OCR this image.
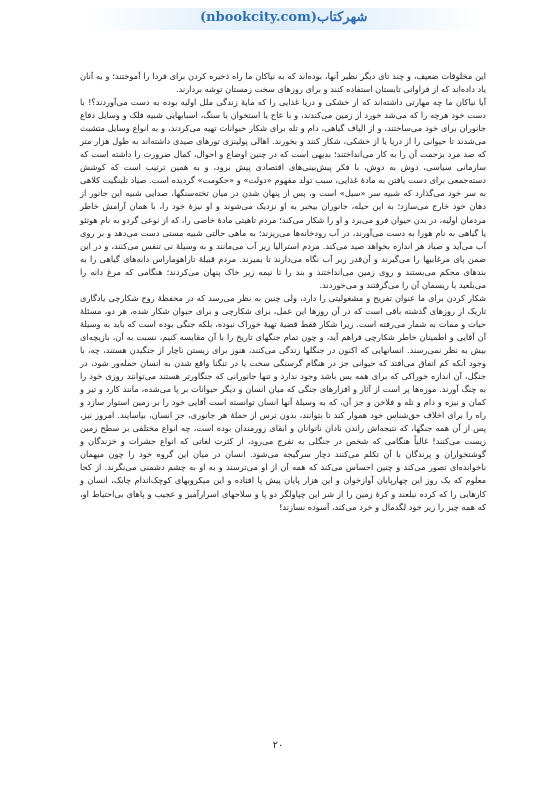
(nbookcity.com)شهرکتاب

این مخلوقات ضعیف، و چند تای دیگر نظیر آنها، بوده‌اند که به نیاکان ما راه ذخیره کردن برای فردا را آموختند؛ و به آنان یاد داده‌اند که از فراوانی تابستان استفاده کنند و برای روزهای سخت زمستان توشه بردارند.

آیا نیاکان ما چه مهارتی داشته‌اند که از خشکی و دریا غذایی را که مایهٔ زندگی ملل اولیه بوده به دست می‌آوردند؟! با دست خود هرچه را که می‌شد خورد از زمین می‌کندند، و با عاج یا استخوان یا سنگ، اسبابهایی شبیه فلک و وسایل دفاع جانوران برای خود می‌ساختند، و از الیاف گیاهی، دام و تله برای شکار حیوانات تهیه می‌کردند، و به انواع وسایل متشبث می‌شدند تا حیوانی را از دریا یا از خشکی، شکار کنند و بخورند. اهالی پولینزی تورهای صیدی داشته‌اند به طول هزار متر که صد مرد بزحمت آن را به کار می‌انداختند؛ بدیهی است که در چنین اوضاع و احوال، کمال ضرورت را داشته است که سازمانی سیاسی، دوش به دوش، با فکر پیش‌بینی‌های اقتصادی پیش برود، و به همین ترتیب است که کوشش دسته‌جمعی برای دست یافتن به مادهٔ غذایی، سبب تولد مفهوم «دولت» و «حکومت» گردیده است. صیاد تلینگیت کلاهی به سر خود می‌گذارد که شبیه سر «سیل» است و، پس از پنهان شدن در میان تخته‌سنگها، صدایی شبیه این جانور از دهان خود خارج می‌سازد؛ به این حیله، جانوران بیخبر به او نزدیک می‌شوند و او نیزهٔ خود را، با همان آرامش خاطر مردمان اولیه، در بدن حیوان فرو می‌برد و او را شکار می‌کند؛ مردم تاهیتی مادهٔ خاصی را، که از نوعی گردو به نام هوتئو یا گیاهی به نام هورا به دست می‌آورند، در آب رودخانه‌ها می‌ریزند؛ به ماهی حالتی شبیه مستی دست می‌دهد و بر روی آب می‌آید و صیاد هر اندازه بخواهد صید می‌کند. مردم استرالیا زیر آب می‌مانند و به وسیلهٔ نی تنفس می‌کنند، و در این ضمن پای مرغابیها را می‌گیرند و آن‌قدر زیر آب نگاه می‌دارند تا بمیرند. مردم قبیلهٔ تاراهوماراس دانه‌های گیاهی را به بندهای محکم می‌بستند و روی زمین می‌انداختند و بند را تا نیمه زیر خاک پنهان می‌کردند؛ هنگامی که مرغ دانه را می‌بلعید با ریسمان آن را می‌گرفتند و می‌خوردند.

شکار کردن برای ما عنوان تفریح و مشغولیتی را دارد، ولی چنین به نظر می‌رسد که در محفظهٔ روح شکارچی یادگاری تاریک از روزهای گذشته باقی است که در آن روزها این عمل، برای شکارچی و برای حیوان شکار شده، هر دو، مسئلهٔ حیات و ممات به شمار می‌رفته است. زیرا شکار فقط قضیهٔ تهیهٔ خوراک نبوده، بلکه جنگی بوده است که باید به وسیلهٔ آن آقایی و اطمینان خاطر شکارچی فراهم آید، و چون تمام جنگهای تاریخ را با آن مقایسه کنیم، نسبت به آن، بازیچه‌ای بیش به نظر نمی‌رسند. انسانهایی که اکنون در جنگلها زندگی می‌کنند، هنوز برای زیستن ناچار از جنگیدن هستند، چه، با وجود آنکه کم اتفاق می‌افتد که حیوانی جز در هنگام گرسنگی سخت یا در تنگنا واقع شدن به انسان حمله‌ور شود، در جنگل، آن اندازه خوراکی که برای همه بس باشد وجود ندارد و تنها جانورانی که جنگاورتر هستند می‌توانند روزی خود را به چنگ آورند. موزه‌ها پر است از آثار و افزارهای جنگی که میان انسان و دیگر حیوانات بر پا می‌شده، مانند کارد و تیر و کمان و نیزه و دام و تله و فلاخن و جز آن، که به وسیلهٔ آنها انسان توانسته است آقایی خود را بر زمین استوار سازد و راه را برای اخلاف حق‌شناس خود هموار کند تا بتوانند، بدون ترس از حملهٔ هر جانوری، جز انسان، بیاسایند. امروز نیز، پس از آن همه جنگها، که نتیجه‌اش راندن نادان ناتوانان و ابقای زورمندان بوده است، چه انواع مختلفی بر سطح زمین زیست می‌کنند! غالباً هنگامی که شخص در جنگلی به تفرج می‌رود، از کثرت لغاتی که انواع حشرات و خزندگان و گوشتخواران و پرندگان با آن تکلم می‌کنند دچار سرگیجه می‌شود. انسان در میان این گروه خود را چون میهمان ناخوانده‌ای تصور می‌کند و چنین احساس می‌کند که همه آن از او می‌ترسند و به او به چشم دشمنی می‌نگرند. از کجا معلوم که یک روز این چهارپایان آوازخوان و این هزار پایان پیش پا افتاده و این میکروبهای کوچک‌اندام چابک، انسان و کارهایی را که کرده نبلعند و کرهٔ زمین را از شر این چپاولگر دو پا و سلاحهای اسرارآمیز و عجیب و پاهای بی‌احتیاط او، که همه چیز را زیر خود لگدمال و خرد می‌کند، آسوده نسازند!

۲۰
